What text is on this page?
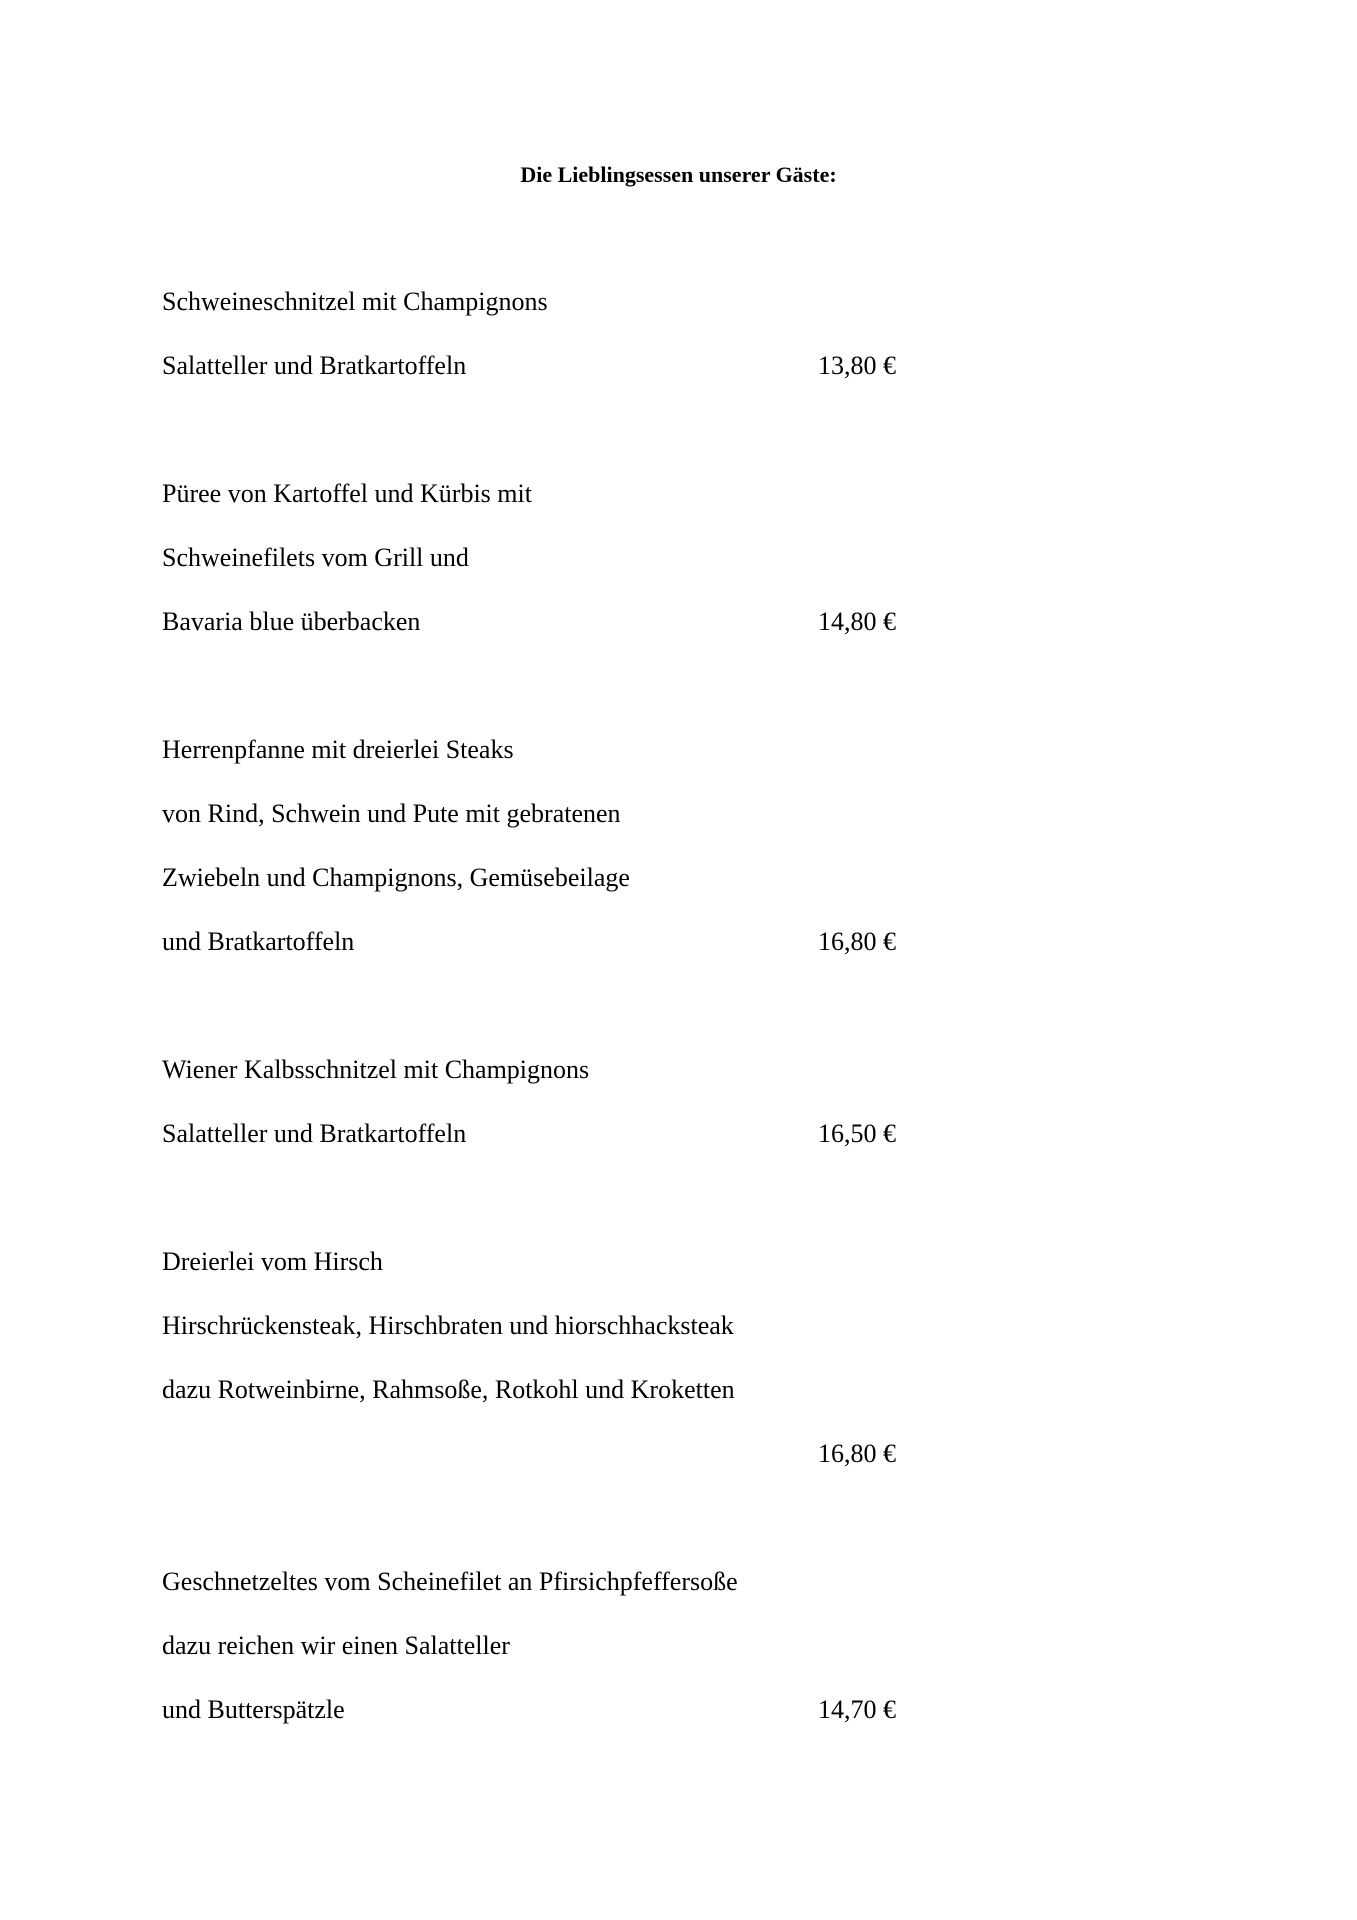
Die Lieblingsessen unserer Gäste:
Schweineschnitzel mit Champignons
Salatteller und Bratkartoffeln	13,80 €
Püree von Kartoffel und Kürbis mit
Schweinefilets vom Grill und
Bavaria blue überbacken	14,80 €
Herrenpfanne mit dreierlei Steaks
von Rind, Schwein und Pute mit gebratenen
Zwiebeln und Champignons, Gemüsebeilage
und Bratkartoffeln	16,80 €
Wiener Kalbsschnitzel mit Champignons
Salatteller und Bratkartoffeln	16,50 €
Dreierlei vom Hirsch
Hirschrückensteak, Hirschbraten und hiorschhacksteak
dazu Rotweinbirne, Rahmsoße, Rotkohl und Kroketten
16,80 €
Geschnetzeltes vom Scheinefilet an Pfirsichpfeffersoße
dazu reichen wir einen Salatteller
und Butterspätzle	14,70 €
